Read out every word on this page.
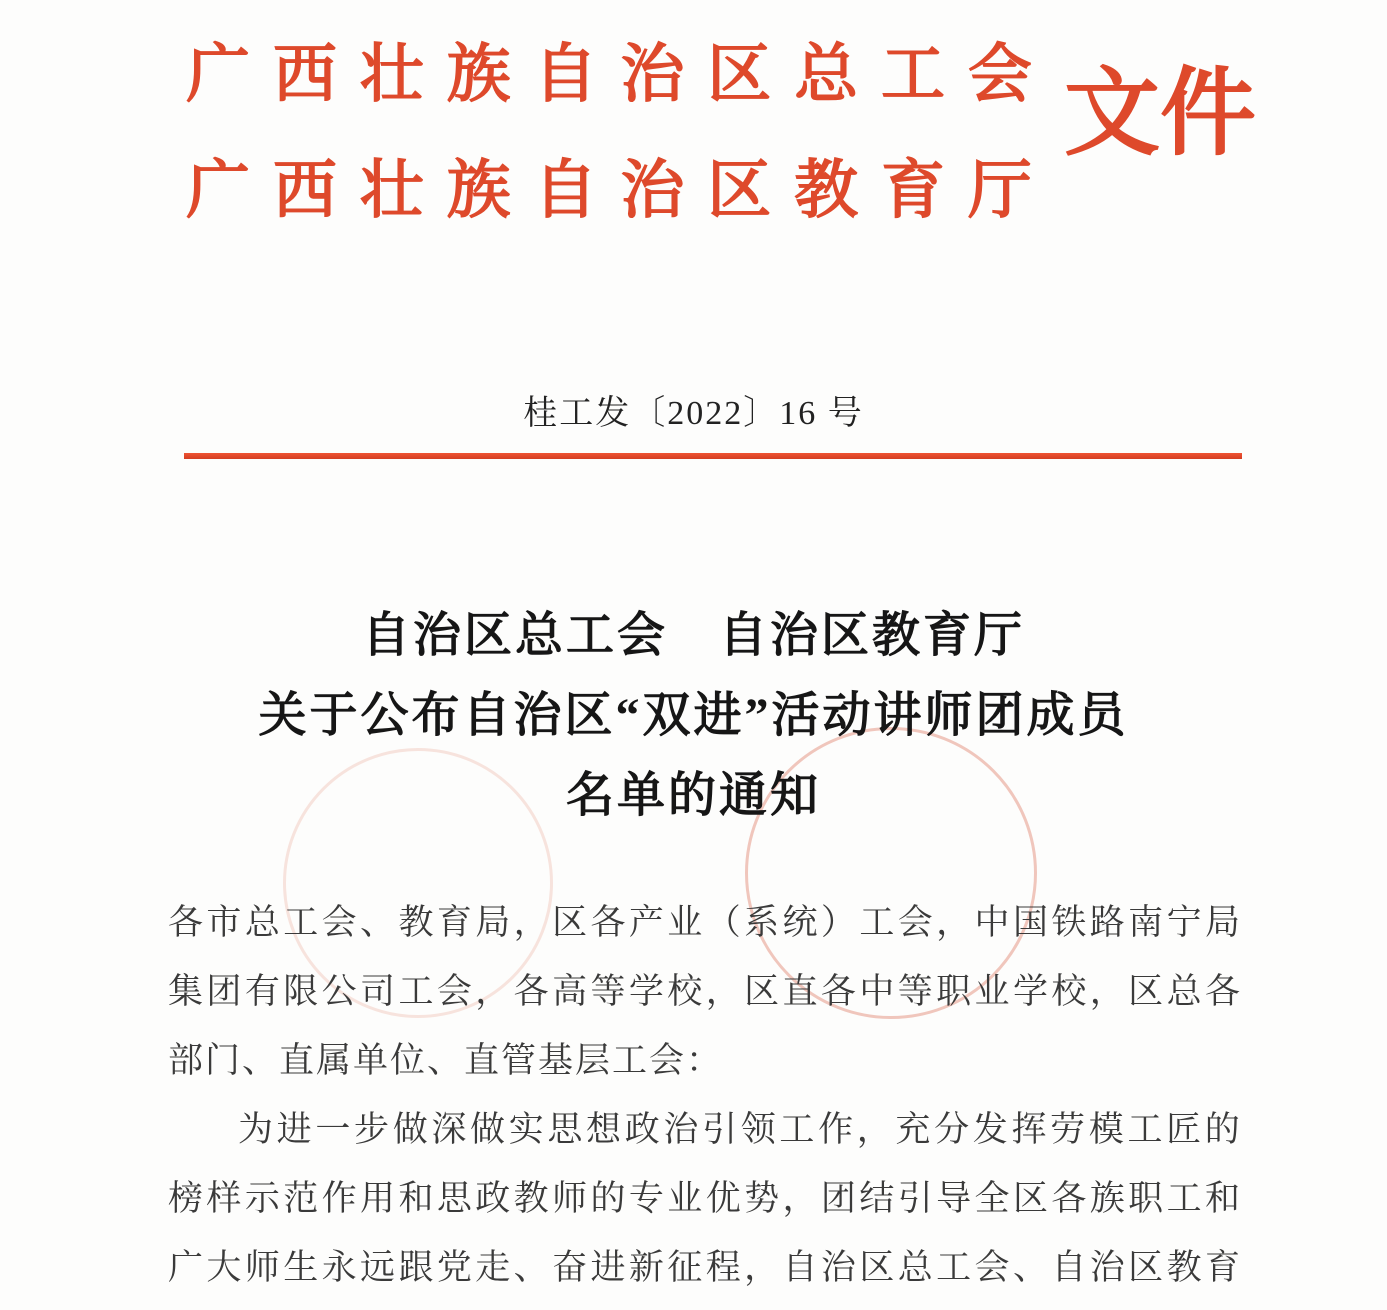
广 西 壮 族 自 治 区 总 工 会
广 西 壮 族 自 治 区 教 育 厅
文件
桂工发〔2022〕16 号
自治区总工会　自治区教育厅
关于公布自治区“双进”活动讲师团成员
名单的通知
各 市 总 工 会 、 教 育 局 ， 区 各 产 业 （ 系 统 ） 工 会 ， 中 国 铁 路 南 宁 局
集 团 有 限 公 司 工 会 ， 各 高 等 学 校 ， 区 直 各 中 等 职 业 学 校 ， 区 总 各
部门、直属单位、直管基层工会：
为 进 一 步 做 深 做 实 思 想 政 治 引 领 工 作 ， 充 分 发 挥 劳 模 工 匠 的
榜 样 示 范 作 用 和 思 政 教 师 的 专 业 优 势 ， 团 结 引 导 全 区 各 族 职 工 和
广 大 师 生 永 远 跟 党 走 、 奋 进 新 征 程 ， 自 治 区 总 工 会 、 自 治 区 教 育
